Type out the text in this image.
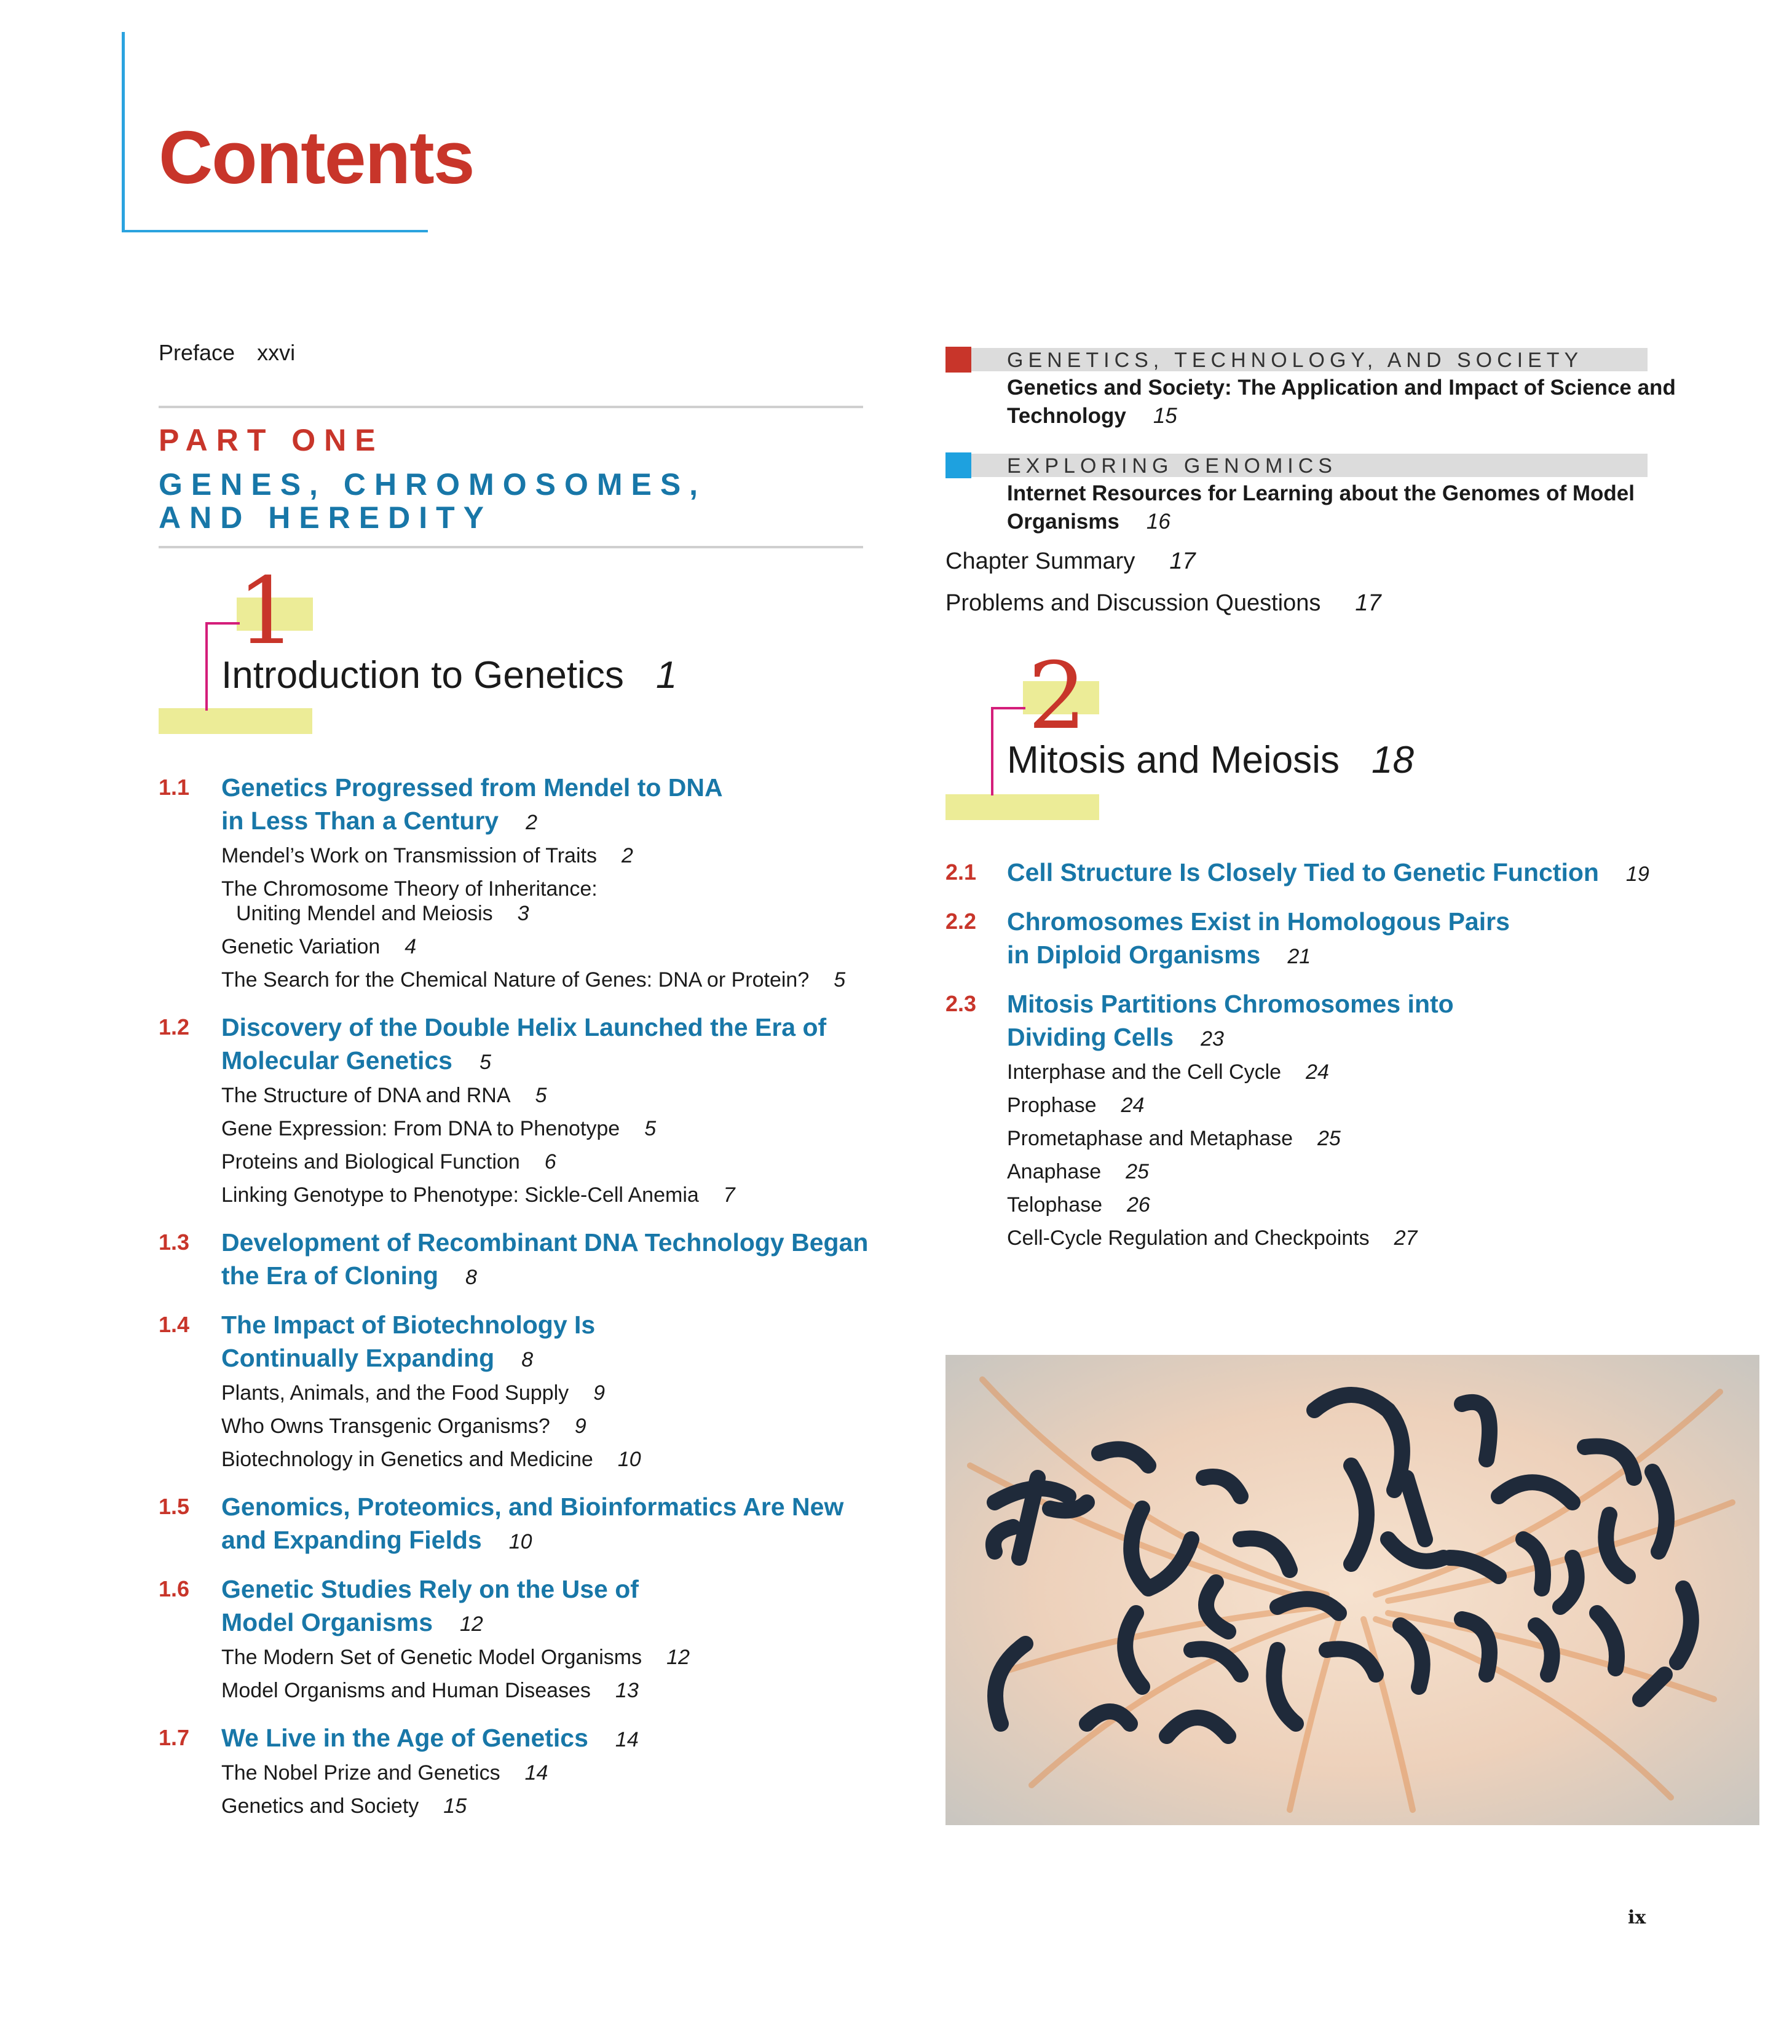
Contents
Preface xxvi
PART ONE
GENES, CHROMOSOMES,
AND HEREDITY
1
Introduction to Genetics 1
1.1 Genetics Progressed from Mendel to DNA
in Less Than a Century 2
Mendel’s Work on Transmission of Traits 2
The Chromosome Theory of Inheritance:
Uniting Mendel and Meiosis 3
Genetic Variation 4
The Search for the Chemical Nature of Genes: DNA or Protein? 5
1.2 Discovery of the Double Helix Launched the Era of
Molecular Genetics 5
The Structure of DNA and RNA 5
Gene Expression: From DNA to Phenotype 5
Proteins and Biological Function 6
Linking Genotype to Phenotype: Sickle-Cell Anemia 7
1.3 Development of Recombinant DNA Technology Began
the Era of Cloning 8
1.4 The Impact of Biotechnology Is
Continually Expanding 8
Plants, Animals, and the Food Supply 9
Who Owns Transgenic Organisms? 9
Biotechnology in Genetics and Medicine 10
1.5 Genomics, Proteomics, and Bioinformatics Are New
and Expanding Fields 10
1.6 Genetic Studies Rely on the Use of
Model Organisms 12
The Modern Set of Genetic Model Organisms 12
Model Organisms and Human Diseases 13
1.7 We Live in the Age of Genetics 14
The Nobel Prize and Genetics 14
Genetics and Society 15
GENETICS, TECHNOLOGY, AND SOCIETY
Genetics and Society: The Application and Impact of Science and
Technology 15
EXPLORING GENOMICS
Internet Resources for Learning about the Genomes of Model
Organisms 16
Chapter Summary 17
Problems and Discussion Questions 17
2
Mitosis and Meiosis 18
2.1 Cell Structure Is Closely Tied to Genetic Function 19
2.2 Chromosomes Exist in Homologous Pairs
in Diploid Organisms 21
2.3 Mitosis Partitions Chromosomes into
Dividing Cells 23
Interphase and the Cell Cycle 24
Prophase 24
Prometaphase and Metaphase 25
Anaphase 25
Telophase 26
Cell-Cycle Regulation and Checkpoints 27
ix
